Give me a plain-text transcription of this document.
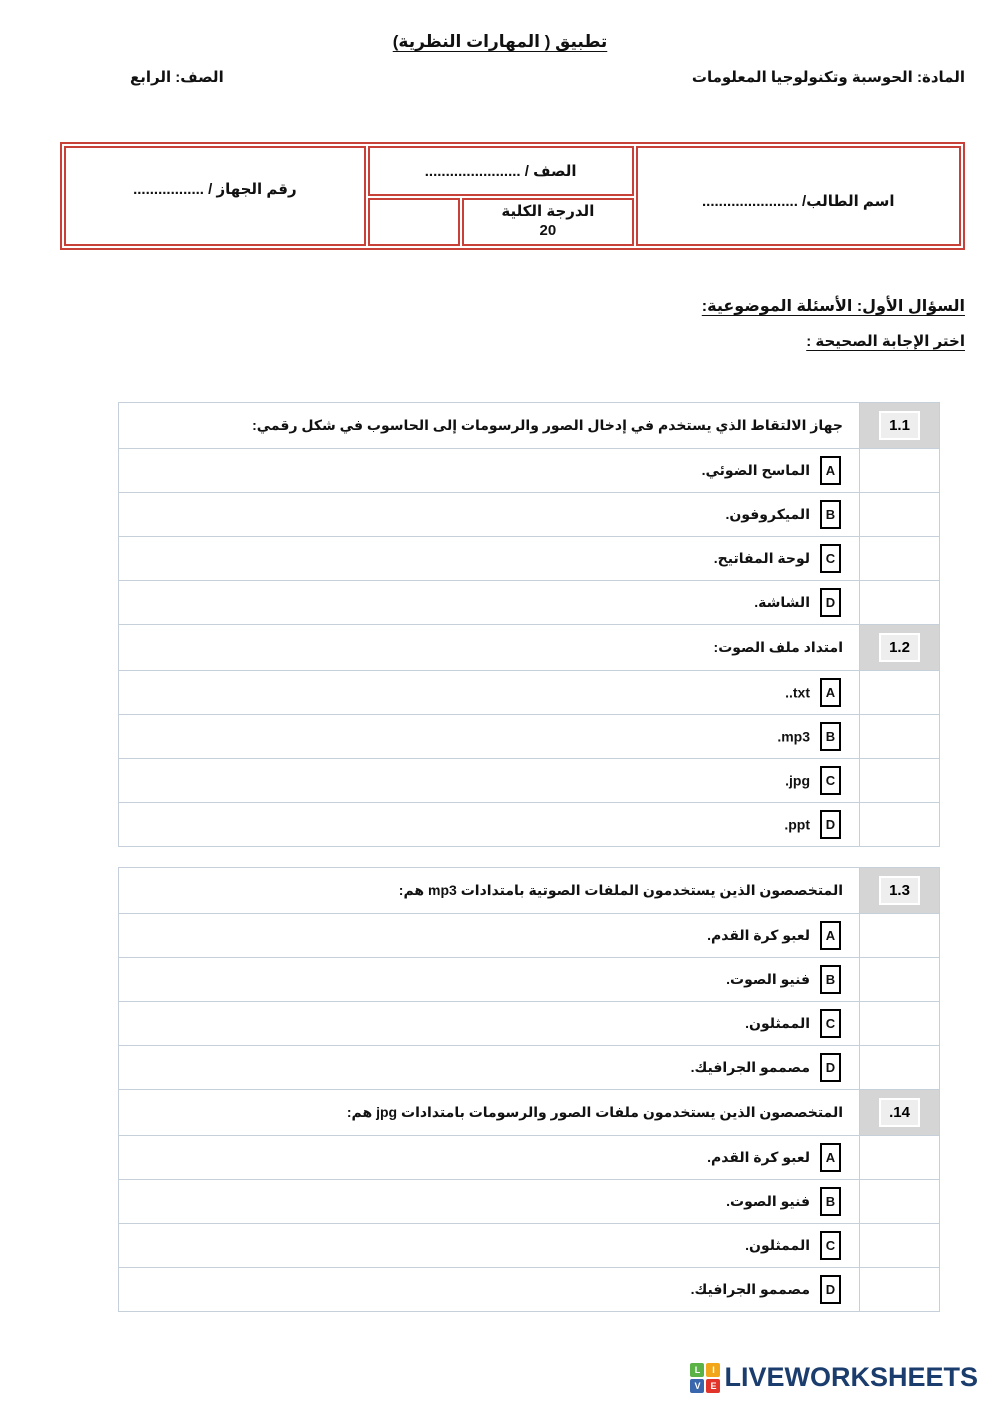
تطبيق ( المهارات النظرية)
المادة: الحوسبة وتكنولوجيا المعلومات
الصف: الرابع
اسم الطالب/ .......................
الصف / .......................
الدرجة الكلية
20
رقم الجهاز / .................
السؤال الأول: الأسئلة الموضوعية:
اختر الإجابة الصحيحة :
1.1	جهاز الالتقاط الذي يستخدم في إدخال الصور والرسومات إلى الحاسوب في شكل رقمي:
	Aالماسح الضوئي.
	Bالميكروفون.
	Cلوحة المفاتيح.
	Dالشاشة.
1.2	امتداد ملف الصوت:
	A..txt
	B.mp3
	C.jpg
	D.ppt
1.3	المتخصصون الذين يستخدمون الملفات الصوتية بامتدادات mp3 هم:
	Aلعبو كرة القدم.
	Bفنيو الصوت.
	Cالممثلون.
	Dمصممو الجرافيك.
.14	المتخصصون الذين يستخدمون ملفات الصور والرسومات بامتدادات jpg هم:
	Aلعبو كرة القدم.
	Bفنيو الصوت.
	Cالممثلون.
	Dمصممو الجرافيك.
L	I
V	E LIVEWORKSHEETS
